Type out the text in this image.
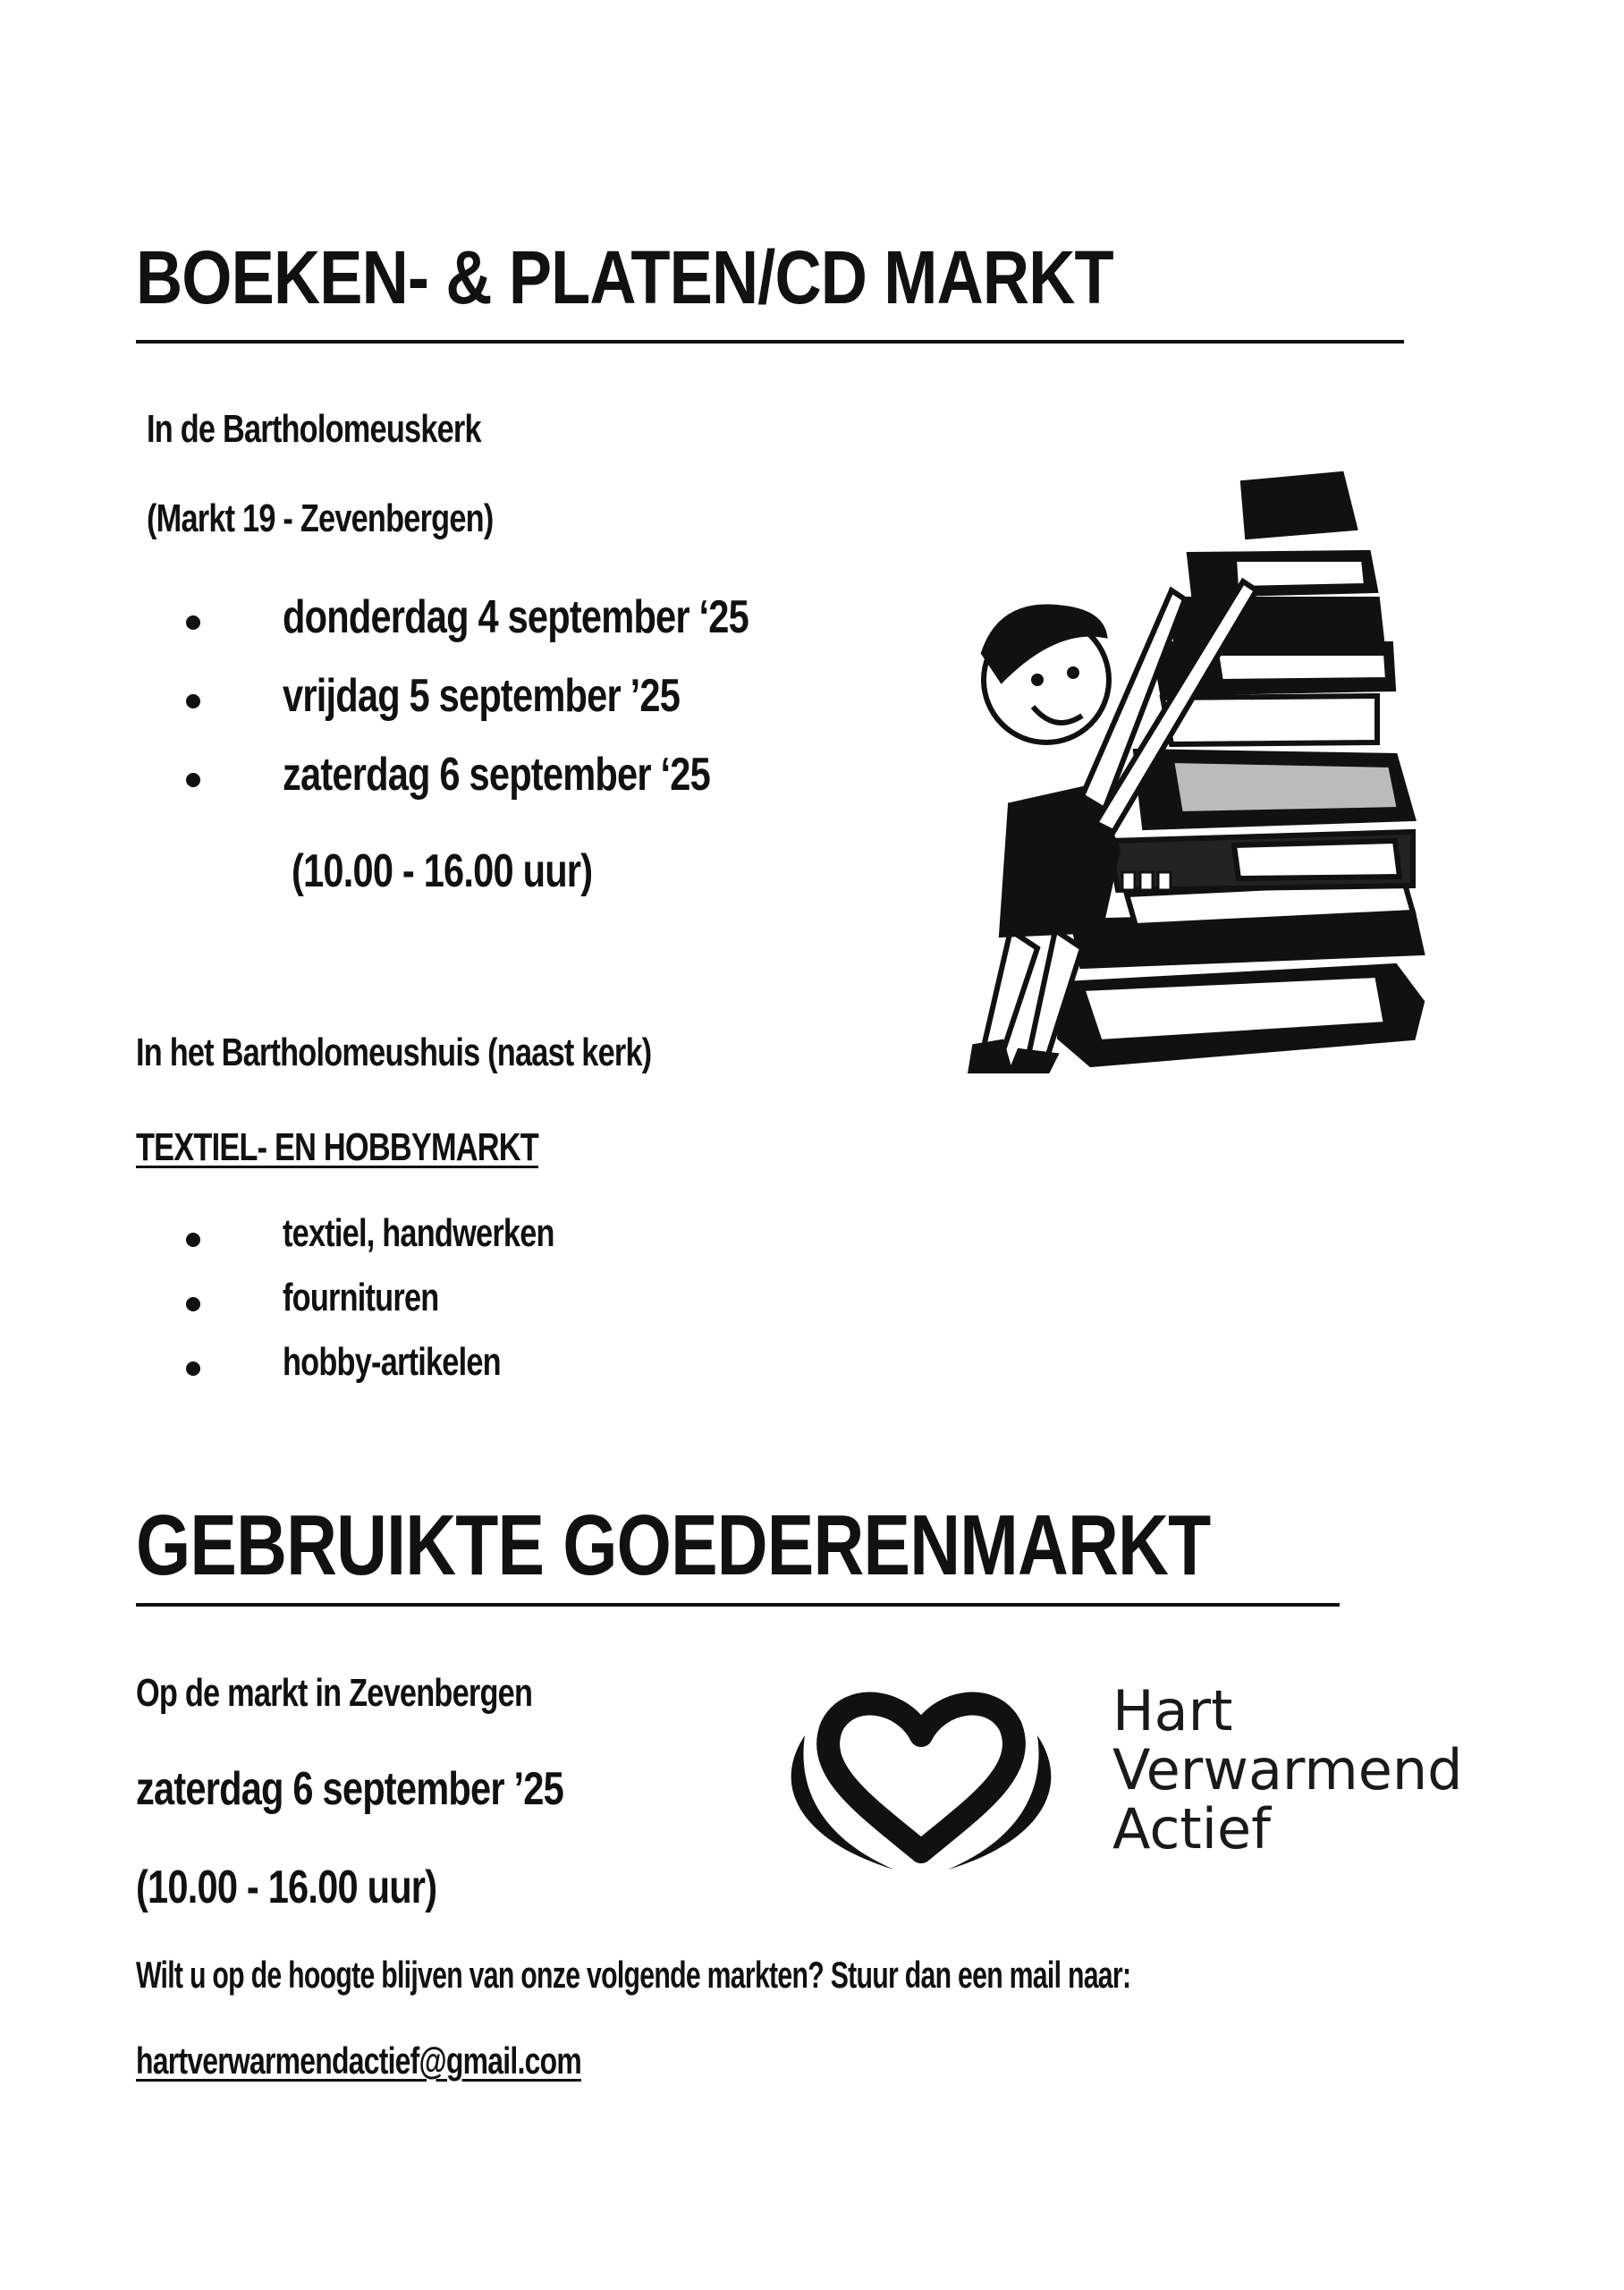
BOEKEN- & PLATEN/CD MARKT
In de Bartholomeuskerk
(Markt 19 - Zevenbergen)
donderdag 4 september ‘25
vrijdag 5 september ’25
zaterdag 6 september ‘25
(10.00 - 16.00 uur)
In het Bartholomeushuis (naast kerk)
TEXTIEL- EN HOBBYMARKT
textiel, handwerken
fournituren
hobby-artikelen
GEBRUIKTE GOEDERENMARKT
Op de markt in Zevenbergen
zaterdag 6 september ’25
(10.00 - 16.00 uur)
Hart
Verwarmend
Actief
Wilt u op de hoogte blijven van onze volgende markten? Stuur dan een mail naar:
hartverwarmendactief@gmail.com
